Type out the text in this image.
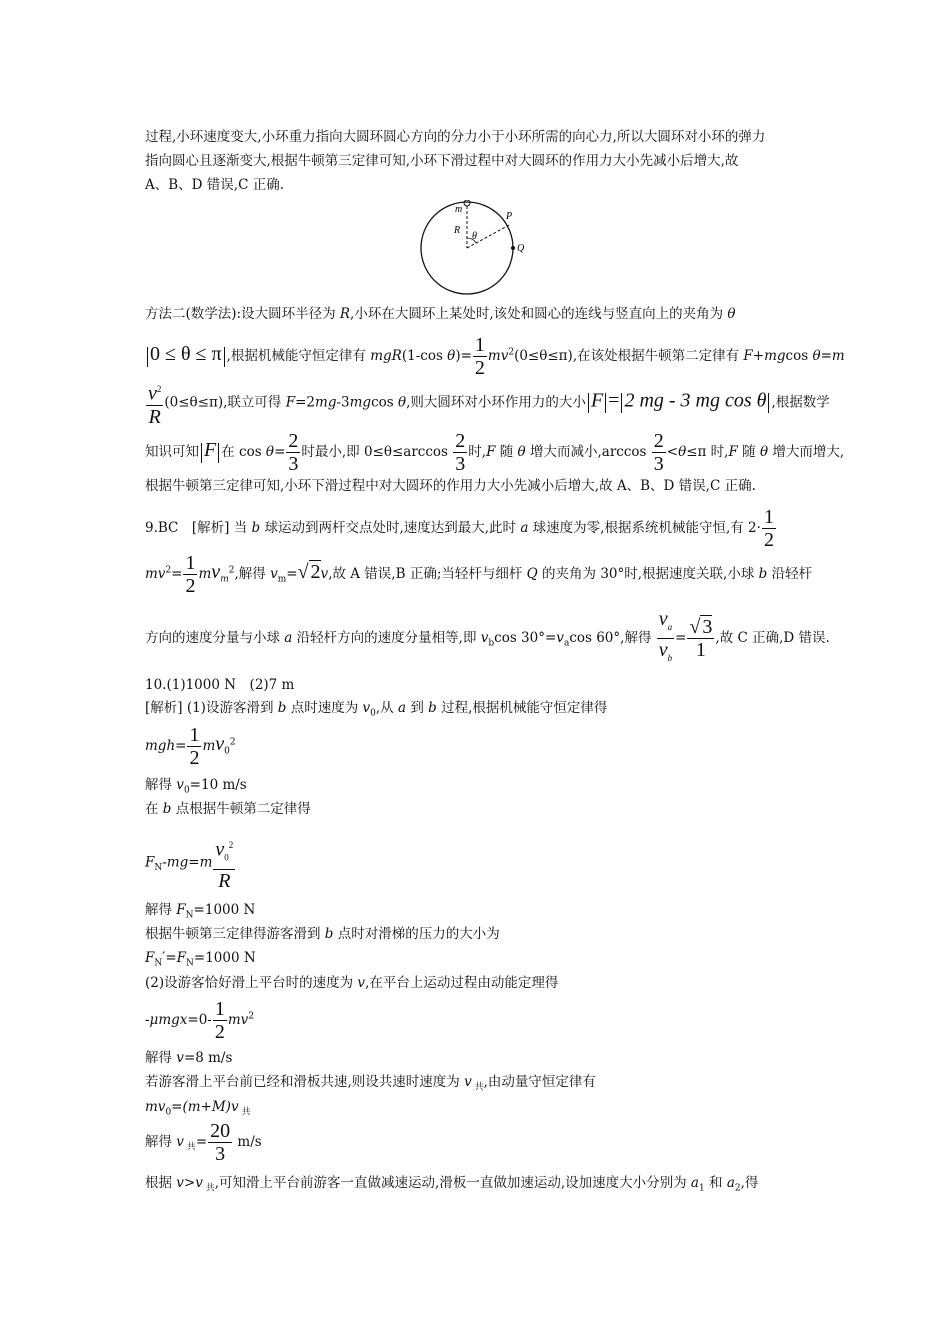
过程,小环速度变大,小环重力指向大圆环圆心方向的分力小于小环所需的向心力,所以大圆环对小环的弹力
指向圆心且逐渐变大,根据牛顿第三定律可知,小环下滑过程中对大圆环的作用力大小先减小后增大,故
A、B、D 错误,C 正确.
m
R
θ
P
Q
方法二(数学法):设大圆环半径为 R,小环在大圆环上某处时,该处和圆心的连线与竖直向上的夹角为 θ
0 ≤ θ ≤ π ,根据机械能守恒定律有 mgR(1-cos $\theta)= \frac{1}{2} mv^2(0\le\theta\le\pi)$,在该处根据牛顿第二定律有 F+mgcos θ=m
$\frac{v^2}{R} (0\le\theta\le\pi)$,联立可得 F=2mg-3mgcos θ,则大圆环对小环作用力的大小 F = 2 mg - 3 mg cos θ ,根据数学
知识可知 F 在 $\cos \theta= \frac{2}{3}$ 时最小,即 $0\le\theta\le\arccos \frac{2}{3}$ 时,F 随 θ 增大而减小$,\arccos \frac{2}{3} <\theta\le\pi$ 时,F 随 θ 增大而增大,
根据牛顿第三定律可知,小环下滑过程中对大圆环的作用力大小先减小后增大,故 A、B、D 错误,C 正确.
9.BC　[解析] 当 b 球运动到两杆交点处时,速度达到最大,此时 a 球速度为零,根据系统机械能守恒,有 $2\cdot \frac{1}{2}$
$mv^2= \frac{1}{2} mv_m^2$,解得 $v_m=√$ 2v,故 A 错误,B 正确;当轻杆与细杆 Q 的夹角为 30°时,根据速度关联,小球 b 沿轻杆
方向的速度分量与小球 a 沿轻杆方向的速度分量相等,即 $v_b\cos$ $30^\circ=v_a\cos$ 60°,解得 $\frac{v_a}{v_b} = \frac{√ 3}{1}$ ,故 C 正确,D 错误.
10.(1)1000 N　(2)7 m
[解析] (1)设游客滑到 b 点时速度为 $v_0$,从 a 到 b 过程,根据机械能守恒定律得
$mgh= \frac{1}{2} mv_0^2$
解得 $v_0=10$ m/s
在 b 点根据牛顿第二定律得
$F_N-mg=m \frac{v_0^2}{R}$
解得 $F_N=1000$ N
根据牛顿第三定律得游客滑到 b 点时对滑梯的压力的大小为
$F_N'=F_N=1000$ N
(2)设游客恰好滑上平台时的速度为 v,在平台上运动过程由动能定理得
$-\mu mgx=0- \frac{1}{2} mv^2$
解得 v=8 m/s
若游客滑上平台前已经和滑板共速,则设共速时速度为 v $_共$,由动量守恒定律有
$mv_0=(m+M)v$ $_共$
解得 v $_共= \frac{20}{3} m/s$
根据 v>v $_共$,可知滑上平台前游客一直做减速运动,滑板一直做加速运动,设加速度大小分别为 $a_1$ 和 $a_2$,得
